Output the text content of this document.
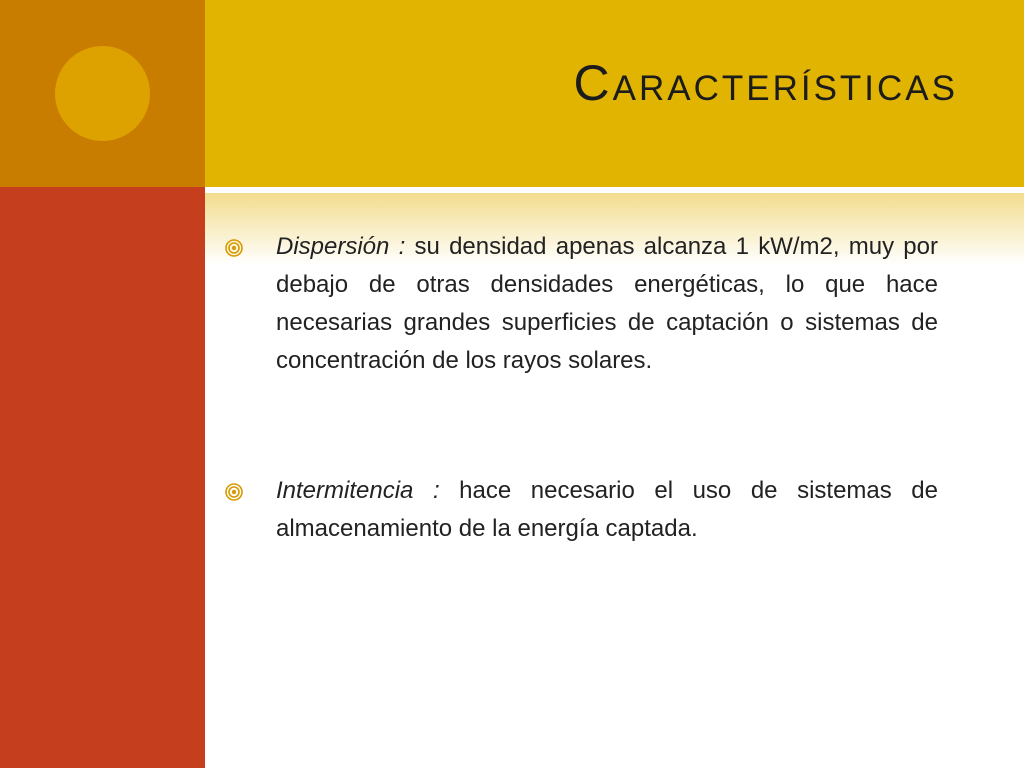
Características
Dispersión : su densidad apenas alcanza 1 kW/m2, muy por debajo de otras densidades energéticas, lo que hace necesarias grandes superficies de captación o sistemas de concentración de los rayos solares.
Intermitencia : hace necesario el uso de sistemas de almacenamiento de la energía captada.
